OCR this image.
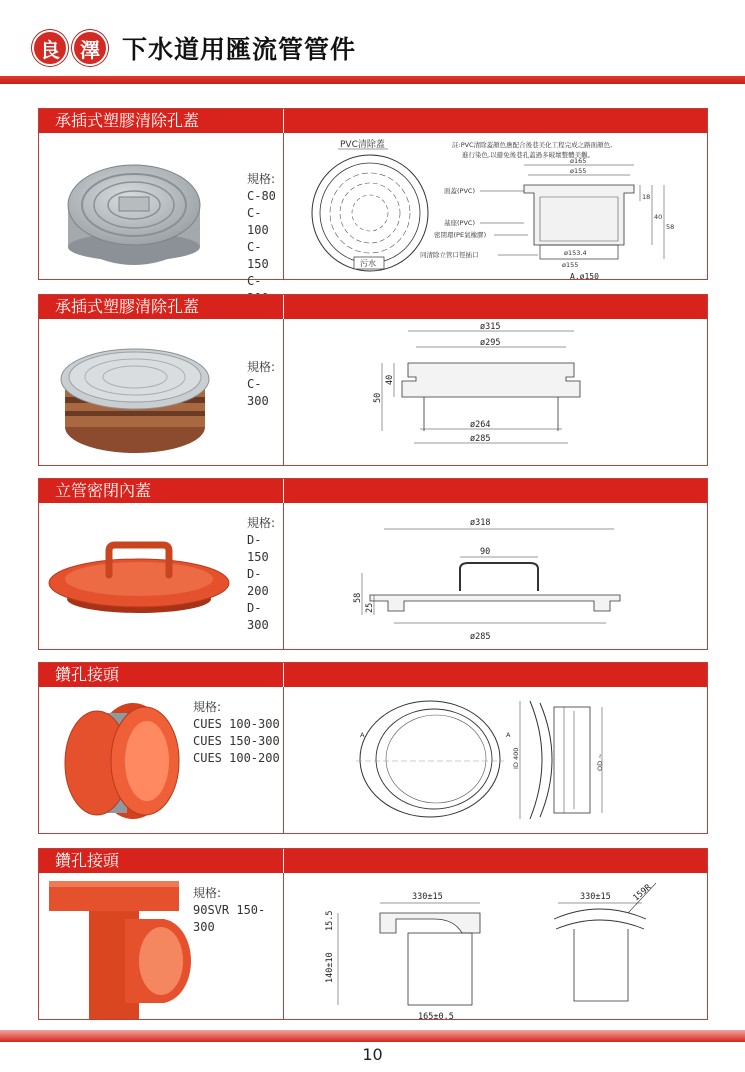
良	澤 下水道用匯流管管件
承插式塑膠清除孔蓋
規格:
C-80
C-100
C-150
C-
PVC清除蓋
污水
註:PVC清除蓋顏色應配合後巷美化工程完成之路面顏色,
進行染色,以避免後巷孔蓋過多破壞整體美觀。
面蓋(PVC)
基座(PVC)
密閉環(PE氣橡膠)
同清除立管口徑插口
ø165
ø155
18
40
58
ø153.4
ø155
A.ø150
承插式塑膠清除孔蓋
規格:
C-300
ø315
ø295
ø264
ø285
40
50
立管密閉內蓋
規格:
D-150
D-200
D-300
ø318
90
ø285
58
25
鑽孔接頭
規格:
CUES 100-300
CUES 150-300
CUES 100-200
A	A
ID 400	OD ~
鑽孔接頭
規格:
90SVR 150-300
330±15
165±0.5
15.5
140±10
330±15 159R
10
